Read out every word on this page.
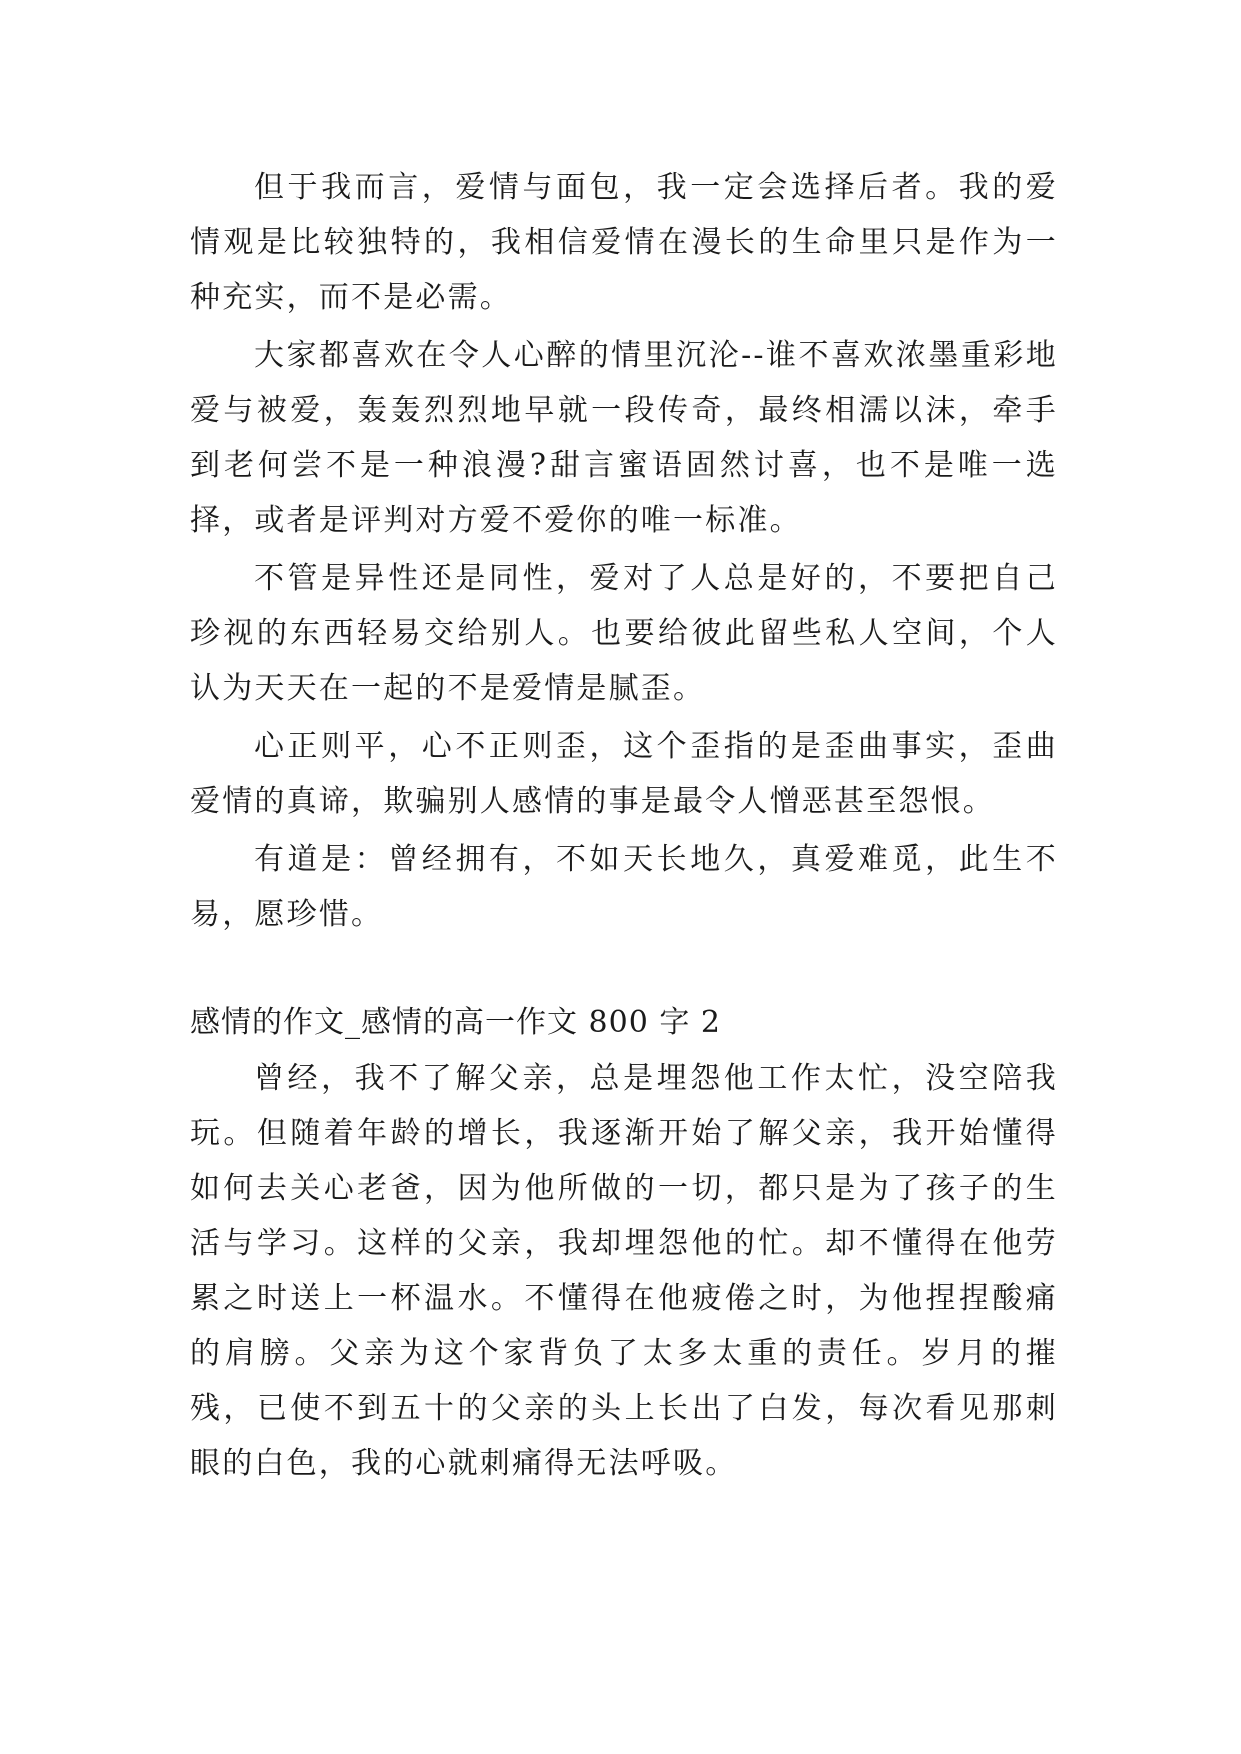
但于我而言，爱情与面包，我一定会选择后者。我的爱情观是比较独特的，我相信爱情在漫长的生命里只是作为一种充实，而不是必需。

大家都喜欢在令人心醉的情里沉沦--谁不喜欢浓墨重彩地爱与被爱，轰轰烈烈地早就一段传奇，最终相濡以沫，牵手到老何尝不是一种浪漫?甜言蜜语固然讨喜，也不是唯一选择，或者是评判对方爱不爱你的唯一标准。

不管是异性还是同性，爱对了人总是好的，不要把自己珍视的东西轻易交给别人。也要给彼此留些私人空间，个人认为天天在一起的不是爱情是腻歪。

心正则平，心不正则歪，这个歪指的是歪曲事实，歪曲爱情的真谛，欺骗别人感情的事是最令人憎恶甚至怨恨。

有道是：曾经拥有，不如天长地久，真爱难觅，此生不易，愿珍惜。

感情的作文_感情的高一作文 800 字 2

曾经，我不了解父亲，总是埋怨他工作太忙，没空陪我玩。但随着年龄的增长，我逐渐开始了解父亲，我开始懂得如何去关心老爸，因为他所做的一切，都只是为了孩子的生活与学习。这样的父亲，我却埋怨他的忙。却不懂得在他劳累之时送上一杯温水。不懂得在他疲倦之时，为他捏捏酸痛的肩膀。父亲为这个家背负了太多太重的责任。岁月的摧残，已使不到五十的父亲的头上长出了白发，每次看见那刺眼的白色，我的心就刺痛得无法呼吸。
